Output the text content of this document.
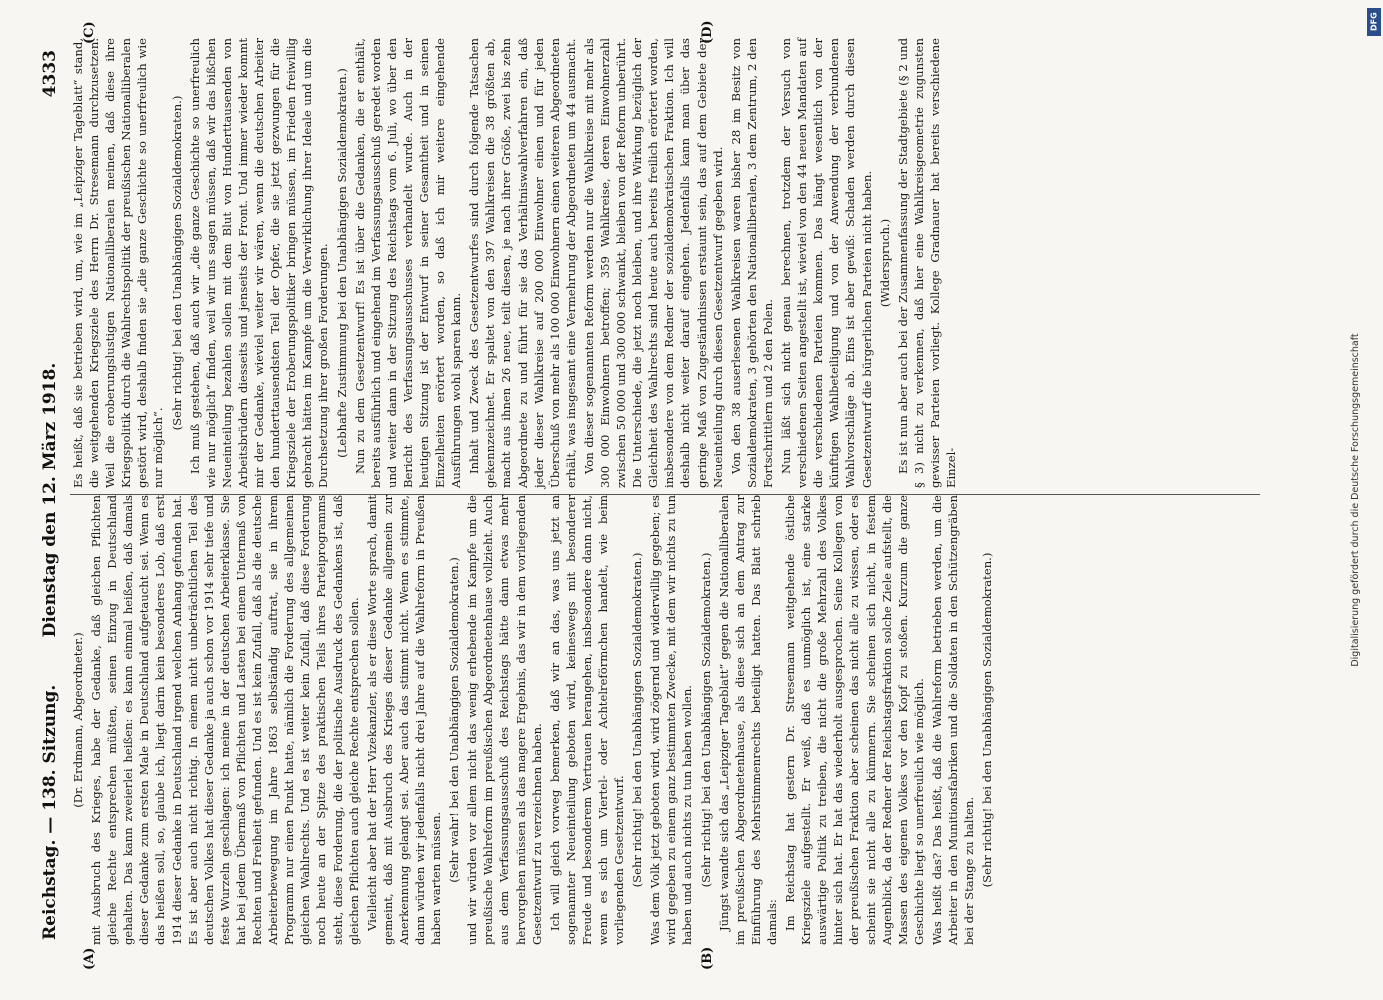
Reichstag. — 138. Sitzung.
Dienstag den 12. März 1918.
4333
(A)	(B)
(C)	(D)

(Dr. Erdmann, Abgeordneter.) mit Ausbruch des Krieges, habe der Gedanke, daß gleichen Pflichten gleiche Rechte entsprechen müßten, seinen Einzug in Deutschland gehalten. Das kann zweierlei heißen: es kann einmal heißen, daß damals dieser Gedanke zum ersten Male in Deutschland aufgetaucht sei. Wenn es das heißen soll, so, glaube ich, liegt darin kein besonderes Lob, daß erst 1914 dieser Gedanke in Deutschland irgend welchen Anhang gefunden hat. Es ist aber auch nicht richtig. In einem nicht unbeträchtlichen Teil des deutschen Volkes hat dieser Gedanke ja auch schon vor 1914 sehr tiefe und feste Wurzeln geschlagen: ich meine in der deutschen Arbeiterklasse. Sie hat bei jedem Übermaß von Pflichten und Lasten bei einem Untermaß von Rechten und Freiheit gefunden. Und es ist kein Zufall, daß als die deutsche Arbeiterbewegung im Jahre 1863 selbständig auftrat, sie in ihrem Programm nur einen Punkt hatte, nämlich die Forderung des allgemeinen gleichen Wahlrechts. Und es ist weiter kein Zufall, daß diese Forderung noch heute an der Spitze des praktischen Teils ihres Parteiprogramms steht, diese Forderung, die der politische Ausdruck des Gedankens ist, daß gleichen Pflichten auch gleiche Rechte entsprechen sollen. Vielleicht aber hat der Herr Vizekanzler, als er diese Worte sprach, damit gemeint, daß mit Ausbruch des Krieges dieser Gedanke allgemein zur Anerkennung gelangt sei. Aber auch das stimmt nicht. Wenn es stimmte, dann würden wir jedenfalls nicht drei Jahre auf die Wahlreform in Preußen haben warten müssen. (Sehr wahr! bei den Unabhängigen Sozialdemokraten.) und wir würden vor allem nicht das wenig erhebende im Kampfe um die preußische Wahlreform im preußischen Abgeordnetenhause vollzieht. Auch aus dem Verfassungsausschuß des Reichstags hätte dann etwas mehr hervorgehen müssen als das magere Ergebnis, das wir in dem vorliegenden Gesetzentwurf zu verzeichnen haben. Ich will gleich vorweg bemerken, daß wir an das, was uns jetzt an sogenannter Neueinteilung geboten wird, keineswegs mit besonderer Freude und besonderem Vertrauen herangehen, insbesondere dann nicht, wenn es sich um Viertel- oder Achtelreförmchen handelt, wie beim vorliegenden Gesetzentwurf. (Sehr richtig! bei den Unabhängigen Sozialdemokraten.) Was dem Volk jetzt geboten wird, wird zögernd und widerwillig gegeben; es wird gegeben zu einem ganz bestimmten Zwecke, mit dem wir nichts zu tun haben und auch nichts zu tun haben wollen. (Sehr richtig! bei den Unabhängigen Sozialdemokraten.) Jüngst wandte sich das „Leipziger Tageblatt“ gegen die Nationalliberalen im preußischen Abgeordnetenhause, als diese sich an dem Antrag zur Einführung des Mehrstimmenrechts beteiligt hatten. Das Blatt schrieb damals: Im Reichstag hat gestern Dr. Stresemann weitgehende östliche Kriegsziele aufgestellt. Er weiß, daß es unmöglich ist, eine starke auswärtige Politik zu treiben, die nicht die große Mehrzahl des Volkes hinter sich hat. Er hat das wiederholt ausgesprochen. Seine Kollegen von der preußischen Fraktion aber scheinen das nicht alle zu wissen, oder es scheint sie nicht alle zu kümmern. Sie scheinen sich nicht, in festem Augenblick, da der Redner der Reichstagsfraktion solche Ziele aufstellt, die Massen des eigenen Volkes vor den Kopf zu stoßen. Kurzum die ganze Geschichte liegt so unerfreulich wie möglich. Was heißt das? Das heißt, daß die Wahlreform betrieben werden, um die Arbeiter in den Munitionsfabriken und die Soldaten in den Schützengräben bei der Stange zu halten. (Sehr richtig! bei den Unabhängigen Sozialdemokraten.)

Es heißt, daß sie betrieben wird, um, wie im „Leipziger Tageblatt“ stand, die weitgehenden Kriegsziele des Herrn Dr. Stresemann durchzusetzen. Weil die eroberungslustigen Nationalliberalen meinen, daß diese ihre Kriegspolitik durch die Wahlrechtspolitik der preußischen Nationalliberalen gestört wird, deshalb finden sie „die ganze Geschichte so unerfreulich wie nur möglich“.

(Sehr richtig! bei den Unabhängigen Sozialdemokraten.) Ich muß gestehen, daß auch wir „die ganze Geschichte so unerfreulich wie nur möglich“ finden, weil wir uns sagen müssen, daß wir das bißchen Neueinteilung bezahlen sollen mit dem Blut von Hunderttausenden von Arbeitsbrüdern diesseits und jenseits der Front. Und immer wieder kommt mir der Gedanke, wieviel weiter wir wären, wenn die deutschen Arbeiter den hunderttausendsten Teil der Opfer, die sie jetzt gezwungen für die Kriegsziele der Eroberungspolitiker bringen müssen, im Frieden freiwillig gebracht hätten im Kampfe um die Verwirklichung ihrer Ideale und um die Durchsetzung ihrer großen Forderungen. (Lebhafte Zustimmung bei den Unabhängigen Sozialdemokraten.) Nun zu dem Gesetzentwurf! Es ist über die Gedanken, die er enthält, bereits ausführlich und eingehend im Verfassungsausschuß geredet worden und weiter dann in der Sitzung des Reichstags vom 6. Juli, wo über den Bericht des Verfassungsausschusses verhandelt wurde. Auch in der heutigen Sitzung ist der Entwurf in seiner Gesamtheit und in seinen Einzelheiten erörtert worden, so daß ich mir weitere eingehende Ausführungen wohl sparen kann. Inhalt und Zweck des Gesetzentwurfes sind durch folgende Tatsachen gekennzeichnet. Er spaltet von den 397 Wahlkreisen die 38 größten ab, macht aus ihnen 26 neue, teilt diesen, je nach ihrer Größe, zwei bis zehn Abgeordnete zu und führt für sie das Verhältniswahlverfahren ein, daß jeder dieser Wahlkreise auf 200 000 Einwohner einen und für jeden Überschuß von mehr als 100 000 Einwohnern einen weiteren Abgeordneten erhält, was insgesamt eine Vermehrung der Abgeordneten um 44 ausmacht. Von dieser sogenannten Reform werden nur die Wahlkreise mit mehr als 300 000 Einwohnern betroffen; 359 Wahlkreise, deren Einwohnerzahl zwischen 50 000 und 300 000 schwankt, bleiben von der Reform unberührt. Die Unterschiede, die jetzt noch bleiben, und ihre Wirkung bezüglich der Gleichheit des Wahlrechts sind heute auch bereits freilich erörtert worden, insbesondere von dem Redner der sozialdemokratischen Fraktion. Ich will deshalb nicht weiter darauf eingehen. Jedenfalls kann man über das geringe Maß von Zugeständnissen erstaunt sein, das auf dem Gebiete der Neueinteilung durch diesen Gesetzentwurf gegeben wird. Von den 38 auserlesenen Wahlkreisen waren bisher 28 im Besitz von Sozialdemokraten, 3 gehörten den Nationalliberalen, 3 dem Zentrum, 2 den Fortschrittlern und 2 den Polen. Nun läßt sich nicht genau berechnen, trotzdem der Versuch von verschiedenen Seiten angestellt ist, wieviel von den 44 neuen Mandaten auf die verschiedenen Parteien kommen. Das hängt wesentlich von der künftigen Wahlbeteiligung und von der Anwendung der verbundenen Wahlvorschläge ab. Eins ist aber gewiß: Schaden werden durch diesen Gesetzentwurf die bürgerlichen Parteien nicht haben. (Widerspruch.) Es ist nun aber auch bei der Zusammenfassung der Stadtgebiete (§ 2 und § 3) nicht zu verkennen, daß hier eine Wahlkreisgeometrie zugunsten gewisser Parteien vorliegt. Kollege Gradnauer hat bereits verschiedene Einzel-	Digitalisierung gefördert durch die Deutsche Forschungsgemeinschaft
DFG
